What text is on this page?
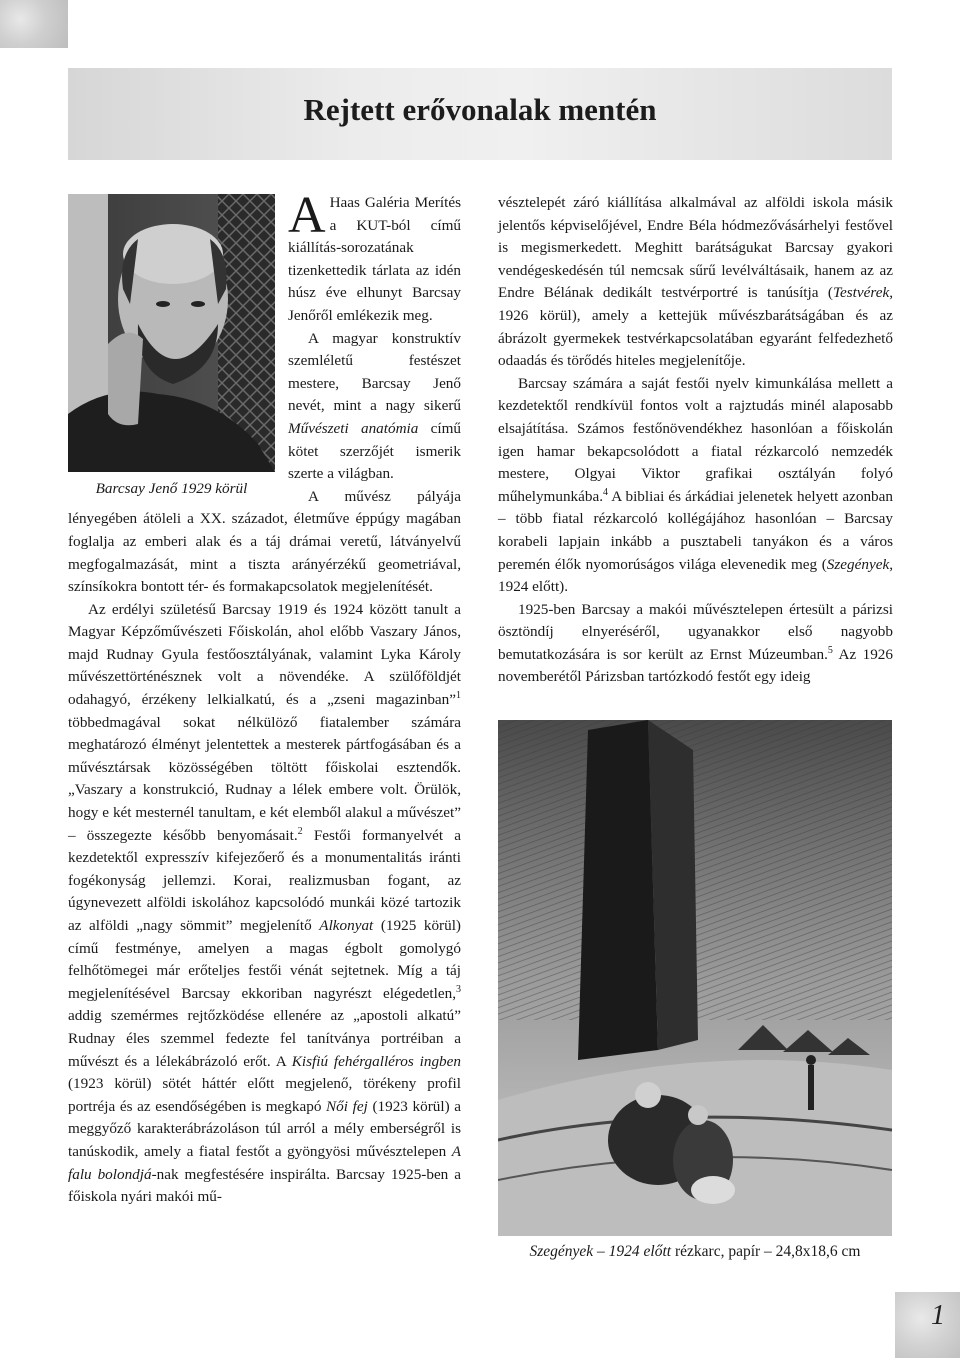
Rejtett erővonalak mentén
Barcsay Jenő 1929 körül

A Haas Galéria Merítés a KUT-ból című kiállítás-sorozatának tizenkettedik tárlata az idén húsz éve elhunyt Barcsay Jenőről emlékezik meg.

A magyar konstruktív szemléletű festészet mestere, Barcsay Jenő nevét, mint a nagy sikerű Művészeti anatómia című kötet szerzőjét ismerik szerte a világban.

A művész pályája lényegében átöleli a XX. századot, életműve éppúgy magában foglalja az emberi alak és a táj drámai veretű, látványelvű megfogalmazását, mint a tiszta arányérzékű geometriával, színsíkokra bontott tér- és formakapcsolatok megjelenítését.

Az erdélyi születésű Barcsay 1919 és 1924 között tanult a Magyar Képzőművészeti Főiskolán, ahol előbb Vaszary János, majd Rudnay Gyula festőosztályának, valamint Lyka Károly művészettörténésznek volt a növendéke. A szülőföldjét odahagyó, érzékeny lelkialkatú, és a „zseni magazinban”$^1$ többedmagával sokat nélkülöző fiatalember számára meghatározó élményt jelentettek a mesterek pártfogásában és a művésztársak közösségében töltött főiskolai esztendők. „Vaszary a konstrukció, Rudnay a lélek embere volt. Örülök, hogy e két mesternél tanultam, e két elemből alakul a művészet” – összegezte később benyomásait.$^2$ Festői formanyelvét a kezdetektől expresszív kifejezőerő és a monumentalitás iránti fogékonyság jellemzi. Korai, realizmusban fogant, az úgynevezett alföldi iskolához kapcsolódó munkái közé tartozik az alföldi „nagy sömmit” megjelenítő Alkonyat (1925 körül) című festménye, amelyen a magas égbolt gomolygó felhőtömegei már erőteljes festői vénát sejtetnek. Míg a táj megjelenítésével Barcsay ekkoriban nagyrészt elégedetlen,$^3$ addig szemérmes rejtőzködése ellenére az „apostoli alkatú” Rudnay éles szemmel fedezte fel tanítványa portréiban a művészt és a lélekábrázoló erőt. A Kisfiú fehérgalléros ingben (1923 körül) sötét háttér előtt megjelenő, törékeny profil portréja és az esendőségében is megkapó Női fej (1923 körül) a meggyőző karakterábrázoláson túl arról a mély emberségről is tanúskodik, amely a fiatal festőt a gyöngyösi művésztelepen A falu bolondjá-nak megfestésére inspirálta. Barcsay 1925-ben a főiskola nyári makói mű-

vésztelepét záró kiállítása alkalmával az alföldi iskola másik jelentős képviselőjével, Endre Béla hódmezővásárhelyi festővel is megismerkedett. Meghitt barátságukat Barcsay gyakori vendégeskedésén túl nemcsak sűrű levélváltásaik, hanem az az Endre Bélának dedikált testvérportré is tanúsítja (Testvérek, 1926 körül), amely a kettejük művészbarátságában és az ábrázolt gyermekek testvérkapcsolatában egyaránt felfedezhető odaadás és törődés hiteles megjelenítője.

Barcsay számára a saját festői nyelv kimunkálása mellett a kezdetektől rendkívül fontos volt a rajztudás minél alaposabb elsajátítása. Számos festőnövendékhez hasonlóan a főiskolán igen hamar bekapcsolódott a fiatal rézkarcoló nemzedék mestere, Olgyai Viktor grafikai osztályán folyó műhelymunkába.$^4$ A bibliai és árkádiai jelenetek helyett azonban – több fiatal rézkarcoló kollégájához hasonlóan – Barcsay korabeli lapjain inkább a pusztabeli tanyákon és a város peremén élők nyomorúságos világa elevenedik meg (Szegények, 1924 előtt).

1925-ben Barcsay a makói művésztelepen értesült a párizsi ösztöndíj elnyeréséről, ugyanakkor első nagyobb bemutatkozására is sor került az Ernst Múzeumban.$^5$ Az 1926 novemberétől Párizsban tartózkodó festőt egy ideig

Szegények – 1924 előtt rézkarc, papír – 24,8x18,6 cm
1
